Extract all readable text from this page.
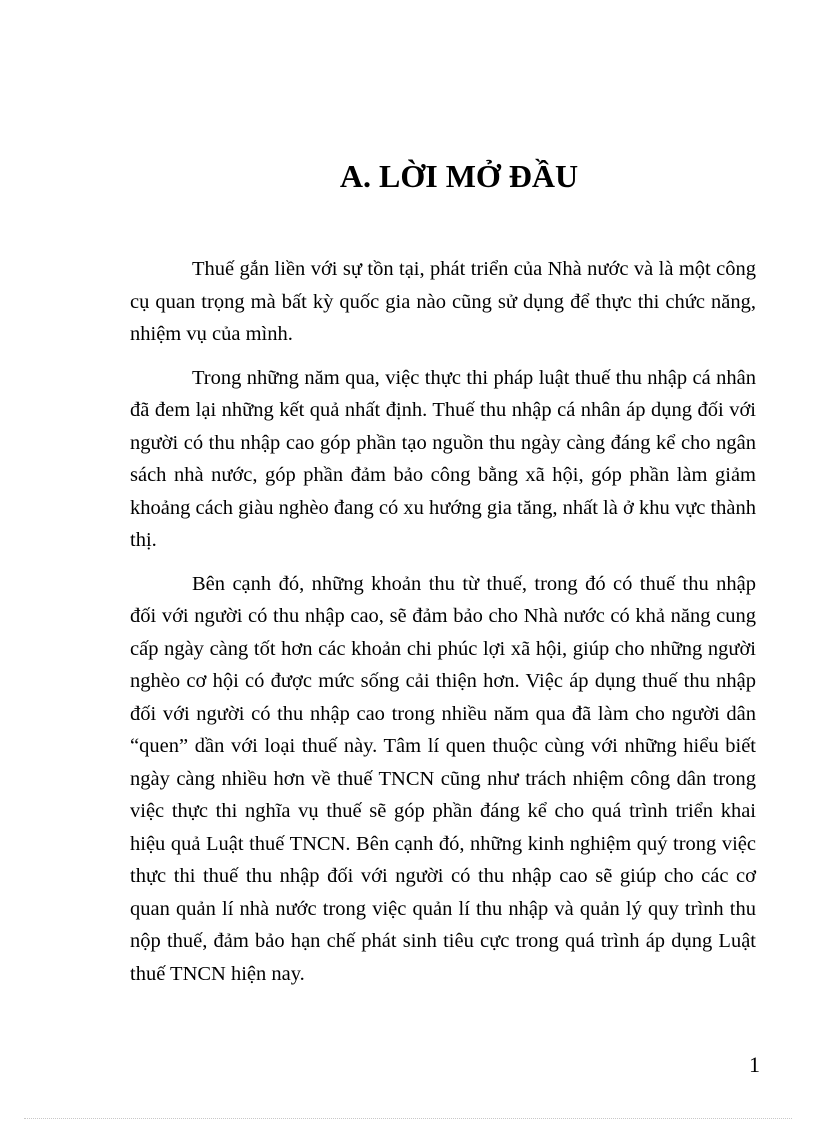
A. LỜI MỞ ĐẦU

Thuế gắn liền với sự tồn tại, phát triển của Nhà nước và là một công cụ quan trọng mà bất kỳ quốc gia nào cũng sử dụng để thực thi chức năng, nhiệm vụ của mình.

Trong những năm qua, việc thực thi pháp luật thuế thu nhập cá nhân đã đem lại những kết quả nhất định. Thuế thu nhập cá nhân áp dụng đối với người có thu nhập cao góp phần tạo nguồn thu ngày càng đáng kể cho ngân sách nhà nước, góp phần đảm bảo công bằng xã hội, góp phần làm giảm khoảng cách giàu nghèo đang có xu hướng gia tăng, nhất là ở khu vực thành thị.

Bên cạnh đó, những khoản thu từ thuế, trong đó có thuế thu nhập đối với người có thu nhập cao, sẽ đảm bảo cho Nhà nước có khả năng cung cấp ngày càng tốt hơn các khoản chi phúc lợi xã hội, giúp cho những người nghèo cơ hội có được mức sống cải thiện hơn. Việc áp dụng thuế thu nhập đối với người có thu nhập cao trong nhiều năm qua đã làm cho người dân “quen” dần với loại thuế này. Tâm lí quen thuộc cùng với những hiểu biết ngày càng nhiều hơn về thuế TNCN cũng như trách nhiệm công dân trong việc thực thi nghĩa vụ thuế sẽ góp phần đáng kể cho quá trình triển khai hiệu quả Luật thuế TNCN. Bên cạnh đó, những kinh nghiệm quý trong việc thực thi thuế thu nhập đối với người có thu nhập cao sẽ giúp cho các cơ quan quản lí nhà nước trong việc quản lí thu nhập và quản lý quy trình thu nộp thuế, đảm bảo hạn chế phát sinh tiêu cực trong quá trình áp dụng Luật thuế TNCN hiện nay.

1
